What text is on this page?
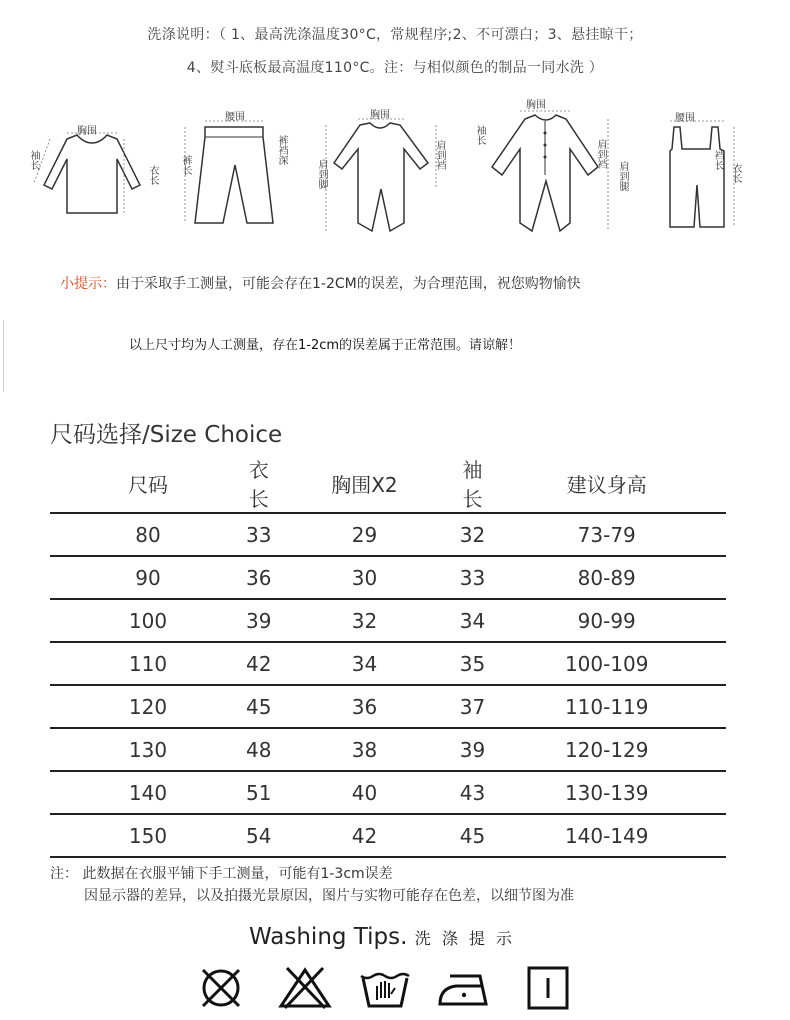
洗涤说明：（ 1、最高洗涤温度30°C，常规程序;2、不可漂白；3、悬挂晾干；
4、熨斗底板最高温度110°C。注：与相似颜色的制品一同水洗 ）
胸围
袖长
衣长
腰围
裤长	裤裆深
胸围
肩到脚
肩到裆
胸围
袖长
肩到裆
肩到腿
腰围
裆长
衣长
小提示：由于采取手工测量，可能会存在1-2CM的误差，为合理范围，祝您购物愉快
以上尺寸均为人工测量，存在1-2cm的误差属于正常范围。请谅解！
尺码选择/Size Choice
尺码	衣长	胸围X2	袖长	建议身高
80	33	29	32	73-79
90	36	30	33	80-89
100	39	32	34	90-99
110	42	34	35	100-109
120	45	36	37	110-119
130	48	38	39	120-129
140	51	40	43	130-139
150	54	42	45	140-149
注： 此数据在衣服平铺下手工测量，可能有1-3cm误差
因显示器的差异，以及拍摄光景原因，图片与实物可能存在色差，以细节图为准
Washing Tips. 洗 涤 提 示
